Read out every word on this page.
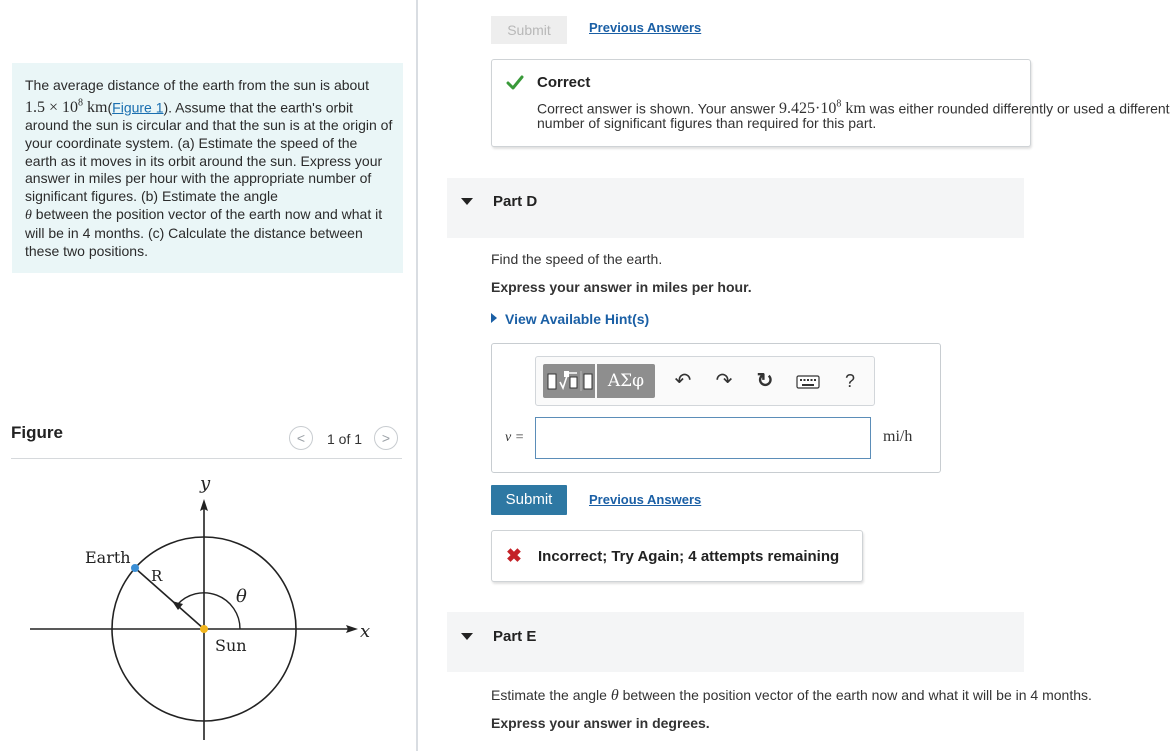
The average distance of the earth from the sun is about
$1.5 \times 10^8$ km(Figure 1). Assume that the earth's orbit around the sun is circular and that the sun is at the origin of your coordinate system. (a) Estimate the speed of the earth as it moves in its orbit around the sun. Express your answer in miles per hour with the appropriate number of significant figures. (b) Estimate the angle
θ between the position vector of the earth now and what it will be in 4 months. (c) Calculate the distance between these two positions.
Figure	<	1 of 1	>
y
x
Earth
R
θ
Sun
Submit	Previous Answers
Correct
Correct answer is shown. Your answer $9.425\cdot 10^8$ km was either rounded differently or used a different
number of significant figures than required for this part.
Part D
Find the speed of the earth.
Express your answer in miles per hour.
View Available Hint(s)
ΑΣφ	↶ ↷ ↻	?
v =	mi/h
Submit	Previous Answers
✖ Incorrect; Try Again; 4 attempts remaining
Part E
Estimate the angle θ between the position vector of the earth now and what it will be in 4 months.
Express your answer in degrees.
